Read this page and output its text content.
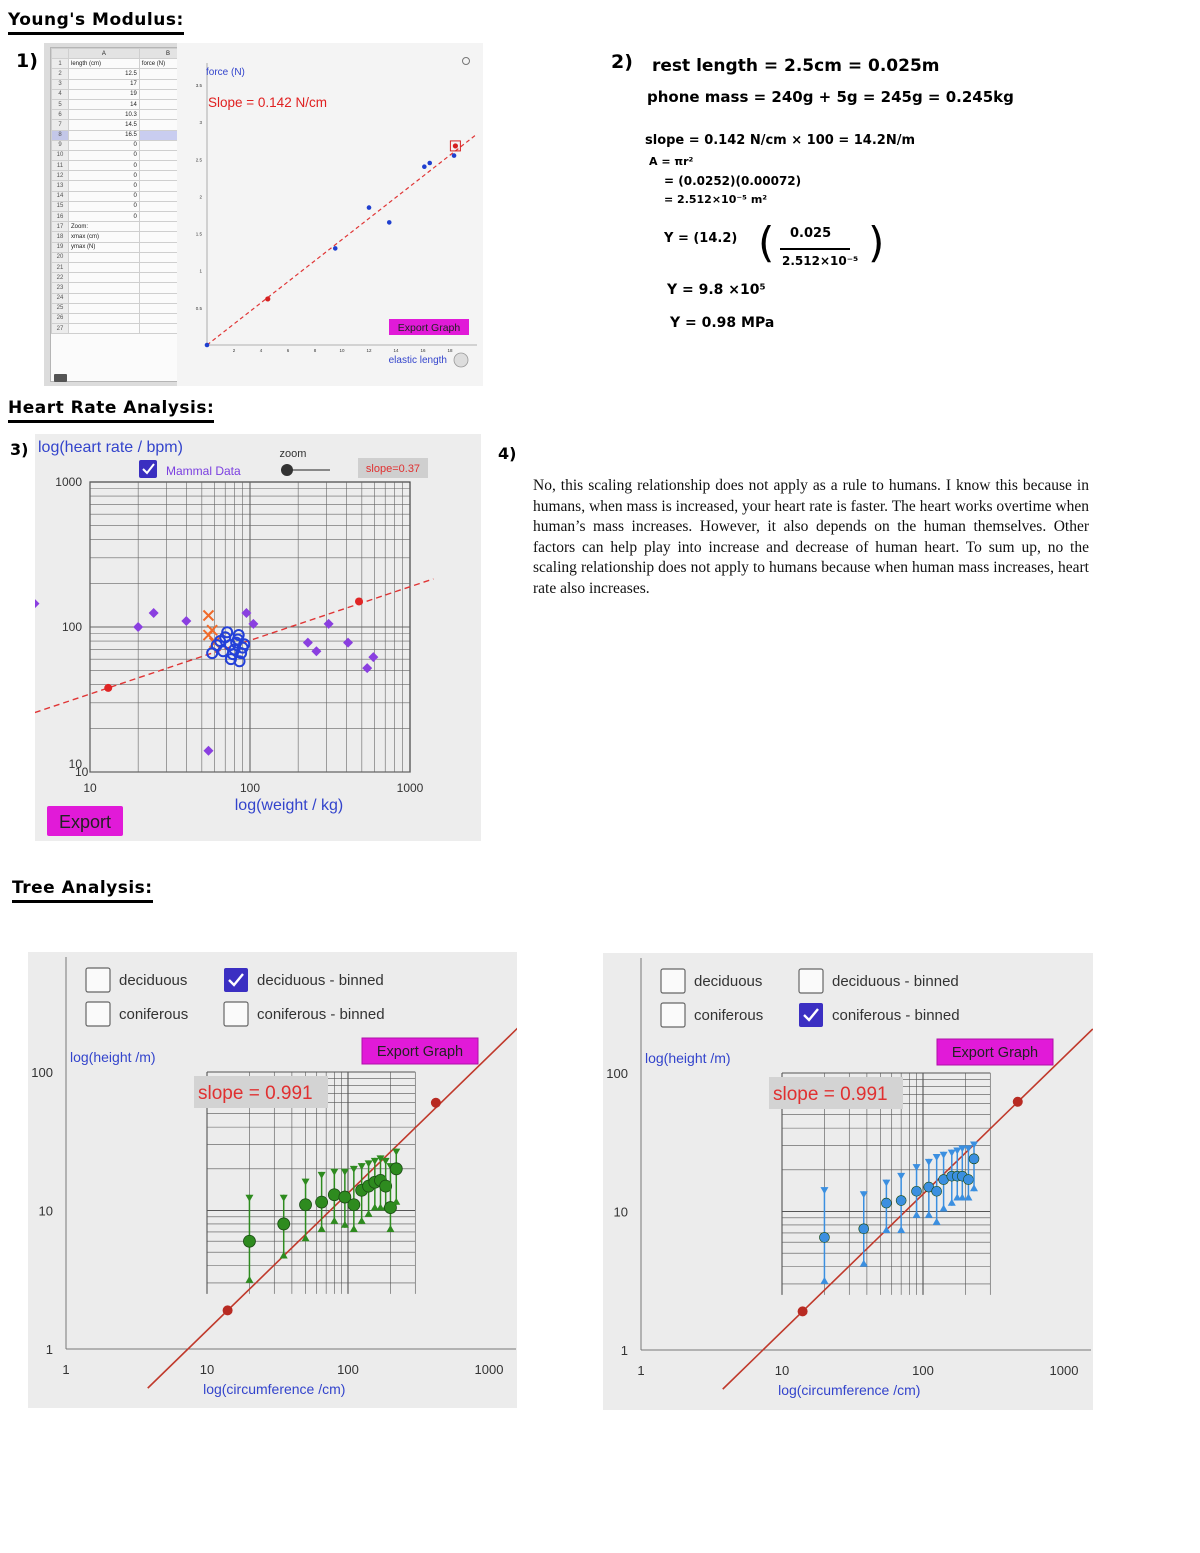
Young's Modulus:
1)
Heart Rate Analysis:
3)
Tree Analysis:
	A	B	
1	length (cm)	force (N)	
2	12.5		
3	17		
4	19		
5	14		
6	10.3		
7	14.5		
8	16.5		
9	0		
10	0		
11	0		
12	0		
13	0		
14	0		
15	0		
16	0		
17	Zoom:		
18	xmax (cm)		
19	ymax (N)		
20			
21			
22			
23			
24			
25			
26			
27			
2	4	6	8	10	12	14	16	18
0.5
1
1.5
2
2.5
3
3.5
force (N)
Slope = 0.142 N/cm
Export Graph
elastic length
2) rest length = 2.5cm = 0.025m
phone mass = 240g + 5g = 245g = 0.245kg
slope = 0.142 N/cm × 100 = 14.2N/m
A = πr²
= (0.0252)(0.00072)
= 2.512×10⁻⁵ m²
Y = (14.2) ( 0.025
2.512×10⁻⁵ )
Y = 9.8 ×10⁵
Y = 0.98 MPa
10	100	1000
10
100
1000
log(heart rate / bpm)
Mammal Data
zoom
slope=0.37
10
log(weight / kg)
Export
4)
No, this scaling relationship does not apply as a rule to humans. I know this because in humans, when mass is increased, your heart rate is faster. The heart works overtime when human’s mass increases. However, it also depends on the human themselves. Other factors can help play into increase and decrease of human heart. To sum up, no the scaling relationship does not apply to humans because when human mass increases, heart rate also increases.
deciduous	deciduous - binned
coniferous	coniferous - binned
log(height /m)	Export Graph
1	10	100	1000
1
10
100
log(circumference /cm)
slope = 0.991
deciduous	deciduous - binned
coniferous	coniferous - binned
log(height /m)	Export Graph
1	10	100	1000
1
10
100
log(circumference /cm)
slope = 0.991
